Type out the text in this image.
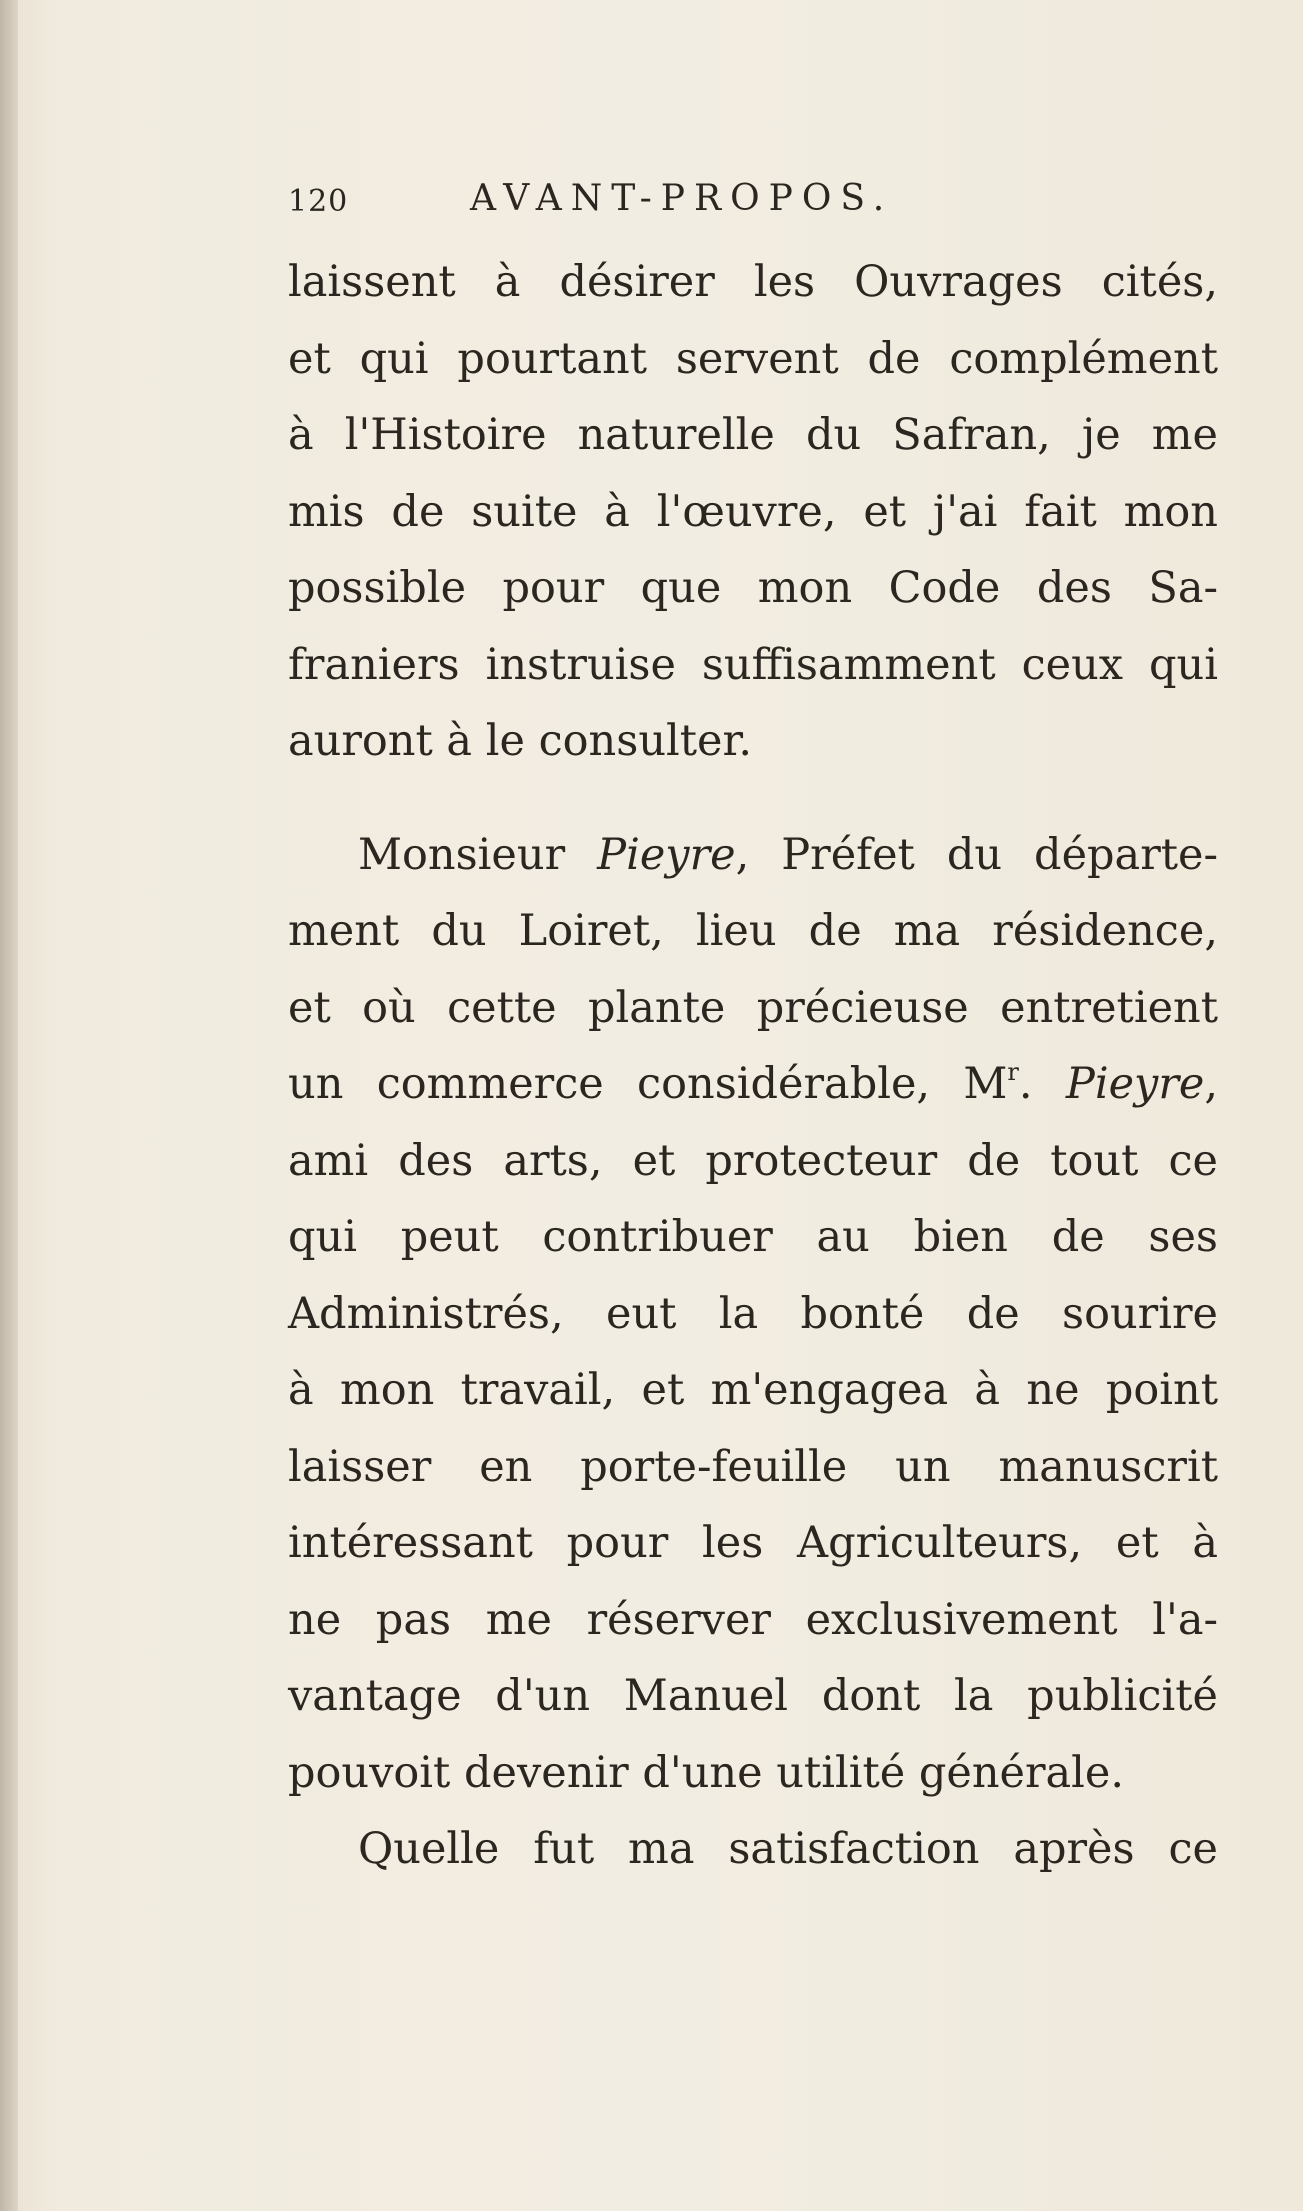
120	AVANT-PROPOS.
laissent à désirer les Ouvrages cités,
et qui pourtant servent de complément
à l'Histoire naturelle du Safran, je me
mis de suite à l'œuvre, et j'ai fait mon
possible pour que mon Code des Sa-
franiers instruise suffisamment ceux qui
auront à le consulter.
Monsieur Pieyre, Préfet du départe-
ment du Loiret, lieu de ma résidence,
et où cette plante précieuse entretient
un commerce considérable, $M^r$. Pieyre,
ami des arts, et protecteur de tout ce
qui peut contribuer au bien de ses
Administrés, eut la bonté de sourire
à mon travail, et m'engagea à ne point
laisser en porte-feuille un manuscrit
intéressant pour les Agriculteurs, et à
ne pas me réserver exclusivement l'a-
vantage d'un Manuel dont la publicité
pouvoit devenir d'une utilité générale.
Quelle fut ma satisfaction après ce
